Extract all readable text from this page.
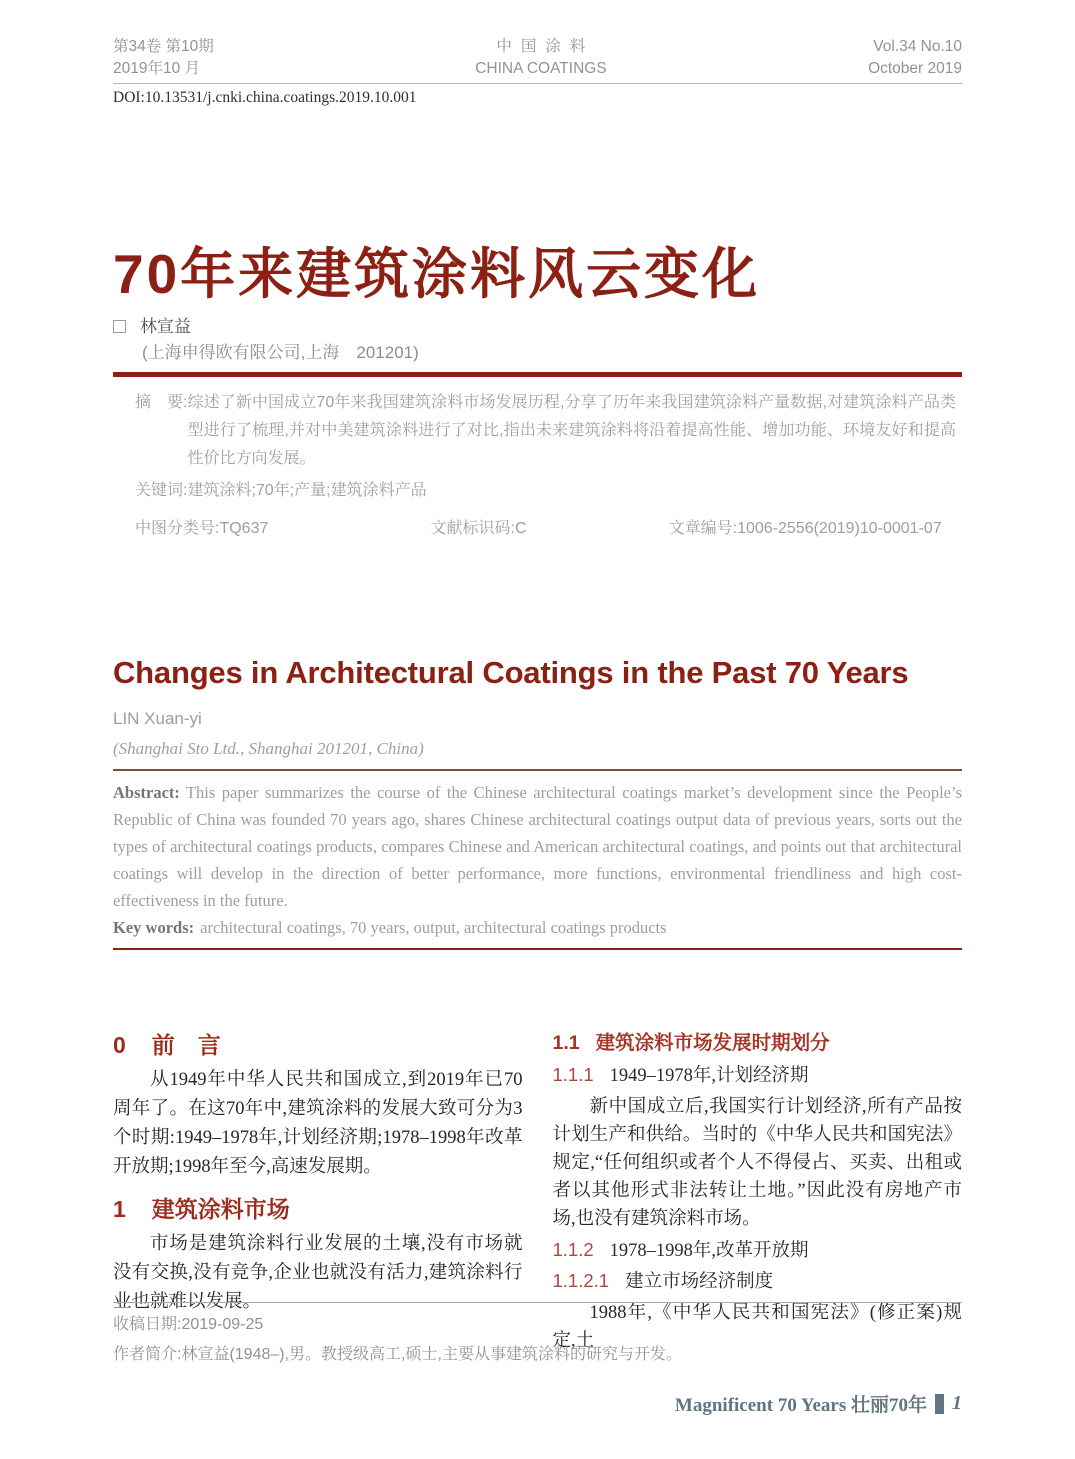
第34卷 第10期
2019年10 月
中国涂料
CHINA COATINGS
Vol.34 No.10
October 2019
DOI:10.13531/j.cnki.china.coatings.2019.10.001
70年来建筑涂料风云变化
林宣益
(上海申得欧有限公司,上海　201201)
摘　要: 综述了新中国成立70年来我国建筑涂料市场发展历程,分享了历年来我国建筑涂料产量数据,对建筑涂料产品类型进行了梳理,并对中美建筑涂料进行了对比,指出未来建筑涂料将沿着提高性能、增加功能、环境友好和提高性价比方向发展。
关键词: 建筑涂料;70年;产量;建筑涂料产品
中图分类号:TQ637	文献标识码:C	文章编号:1006-2556(2019)10-0001-07
Changes in Architectural Coatings in the Past 70 Years
LIN Xuan-yi
(Shanghai Sto Ltd., Shanghai 201201, China)

Abstract: This paper summarizes the course of the Chinese architectural coatings market’s development since the People’s Republic of China was founded 70 years ago, shares Chinese architectural coatings output data of previous years, sorts out the types of architectural coatings products, compares Chinese and American architectural coatings, and points out that architectural coatings will develop in the direction of better performance, more functions, environmental friendliness and high cost-effectiveness in the future.

Key words: architectural coatings, 70 years, output, architectural coatings products

0 前　言

从1949年中华人民共和国成立,到2019年已70周年了。在这70年中,建筑涂料的发展大致可分为3个时期:1949–1978年,计划经济期;1978–1998年改革开放期;1998年至今,高速发展期。

1 建筑涂料市场

市场是建筑涂料行业发展的土壤,没有市场就没有交换,没有竞争,企业也就没有活力,建筑涂料行业也就难以发展。

1.1 建筑涂料市场发展时期划分
1.1.1 1949–1978年,计划经济期

新中国成立后,我国实行计划经济,所有产品按计划生产和供给。当时的《中华人民共和国宪法》规定,“任何组织或者个人不得侵占、买卖、出租或者以其他形式非法转让土地。”因此没有房地产市场,也没有建筑涂料市场。

1.1.2 1978–1998年,改革开放期
1.1.2.1 建立市场经济制度

1988年,《中华人民共和国宪法》(修正案)规定,土

收稿日期:2019-09-25
作者简介:林宣益(1948–),男。教授级高工,硕士,主要从事建筑涂料的研究与开发。
Magnificent 70 Years 壮丽70年 1
